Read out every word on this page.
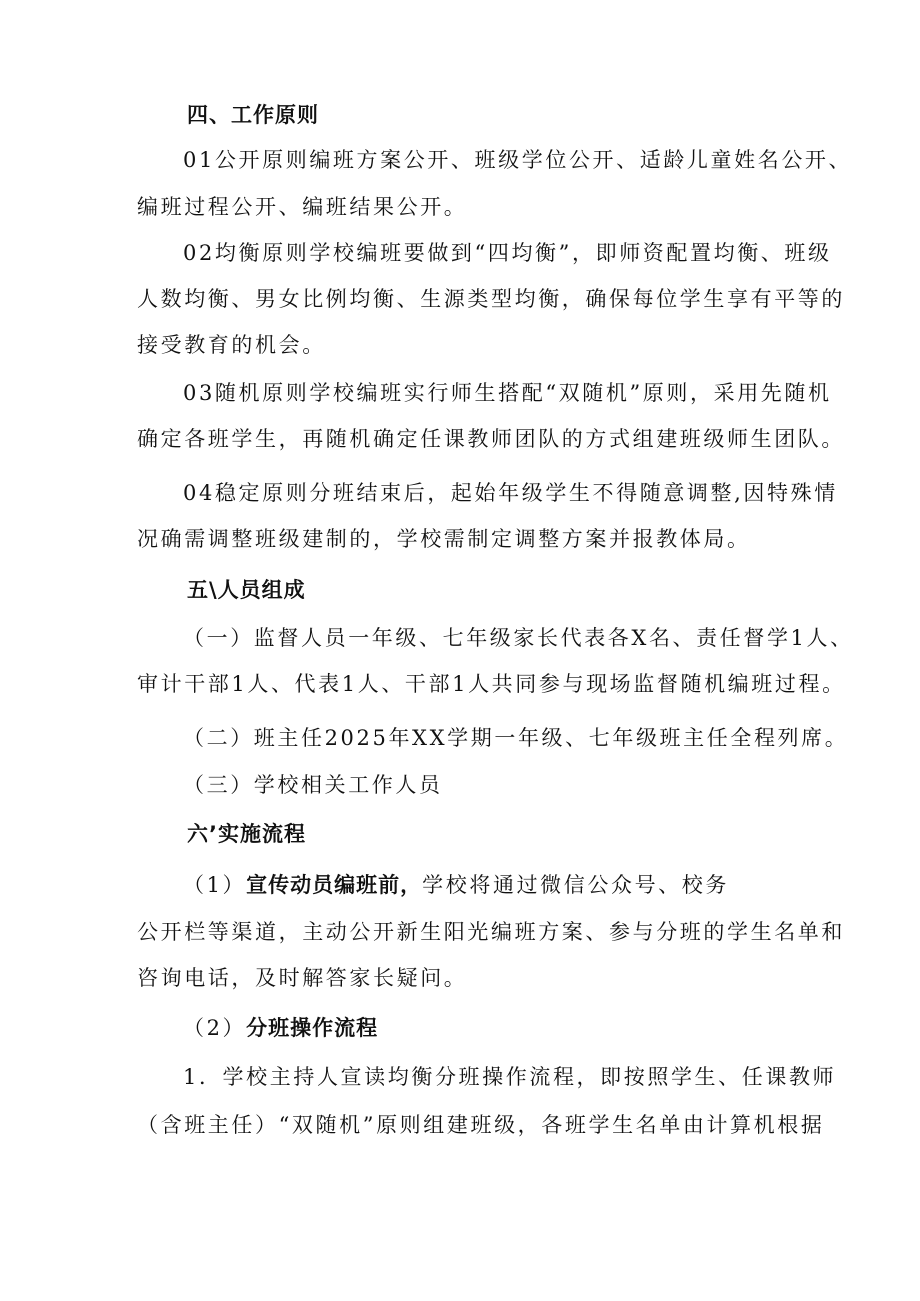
四、工作原则
01公开原则编班方案公开、班级学位公开、适龄儿童姓名公开、
编班过程公开、编班结果公开。
02均衡原则学校编班要做到“四均衡”，即师资配置均衡、班级
人数均衡、男女比例均衡、生源类型均衡，确保每位学生享有平等的
接受教育的机会。
03随机原则学校编班实行师生搭配“双随机”原则，采用先随机
确定各班学生，再随机确定任课教师团队的方式组建班级师生团队。
04稳定原则分班结束后，起始年级学生不得随意调整,因特殊情
况确需调整班级建制的，学校需制定调整方案并报教体局。
五\人员组成
（一）监督人员一年级、七年级家长代表各X名、责任督学1人、
审计干部1人、代表1人、干部1人共同参与现场监督随机编班过程。
（二）班主任2025年XX学期一年级、七年级班主任全程列席。
（三）学校相关工作人员
六’实施流程
（1）宣传动员编班前，学校将通过微信公众号、校务
公开栏等渠道，主动公开新生阳光编班方案、参与分班的学生名单和
咨询电话，及时解答家长疑问。
（2）分班操作流程
1．学校主持人宣读均衡分班操作流程，即按照学生、任课教师
（含班主任）“双随机”原则组建班级，各班学生名单由计算机根据
